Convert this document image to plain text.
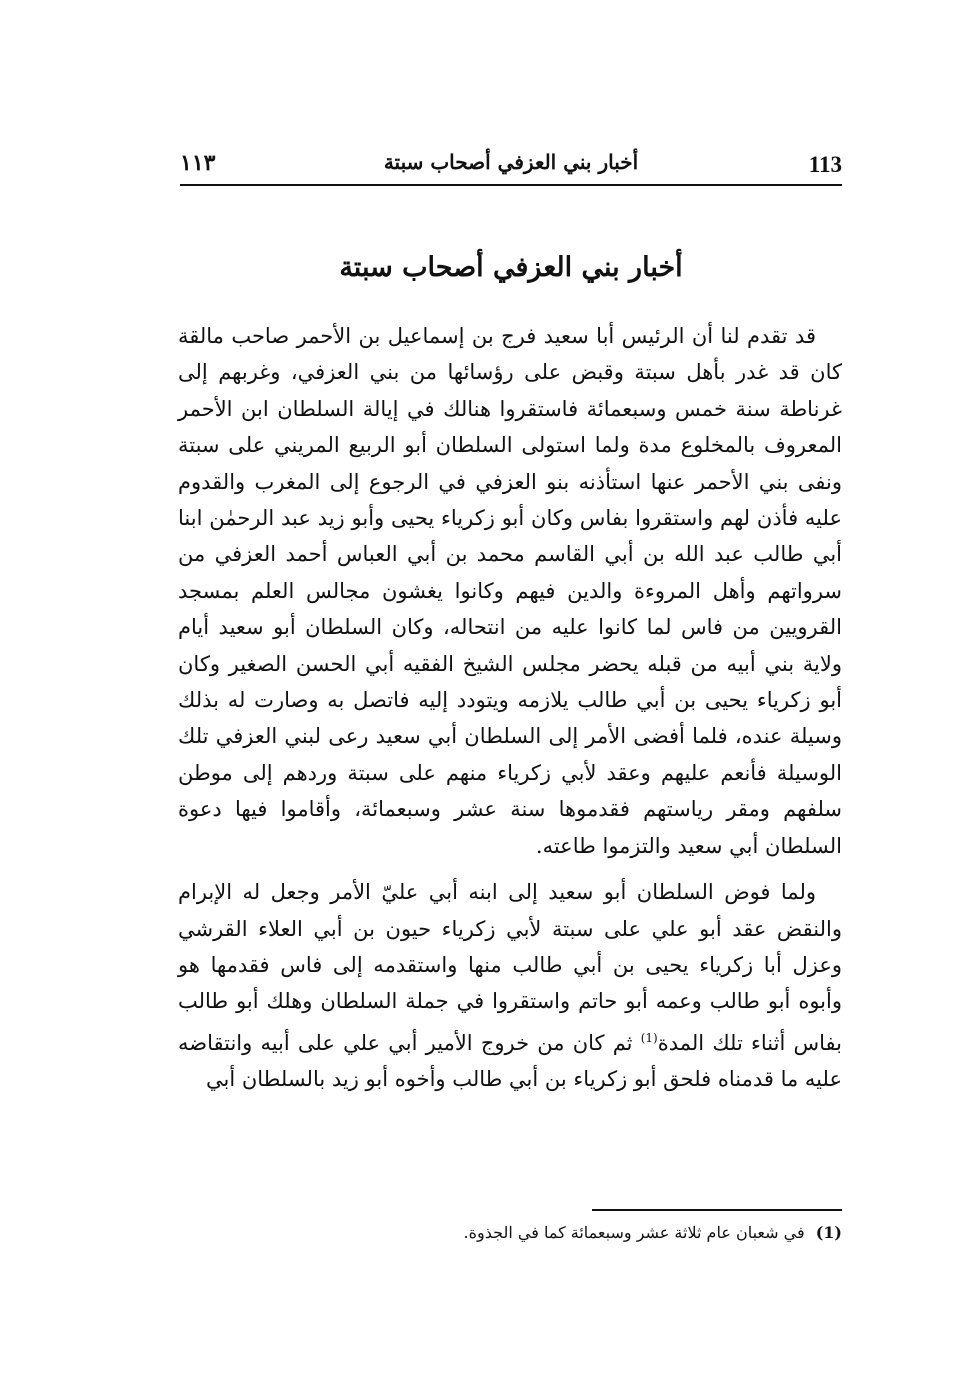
113
أخبار بني العزفي أصحاب سبتة
١١٣
أخبار بني العزفي أصحاب سبتة

قد تقدم لنا أن الرئيس أبا سعيد فرج بن إسماعيل بن الأحمر صاحب مالقة كان قد غدر بأهل سبتة وقبض على رؤسائها من بني العزفي، وغربهم إلى غرناطة سنة خمس وسبعمائة فاستقروا هنالك في إيالة السلطان ابن الأحمر المعروف بالمخلوع مدة ولما استولى السلطان أبو الربيع المريني على سبتة ونفى بني الأحمر عنها استأذنه بنو العزفي في الرجوع إلى المغرب والقدوم عليه فأذن لهم واستقروا بفاس وكان أبو زكرياء يحيى وأبو زيد عبد الرحمٰن ابنا أبي طالب عبد الله بن أبي القاسم محمد بن أبي العباس أحمد العزفي من سرواتهم وأهل المروءة والدين فيهم وكانوا يغشون مجالس العلم بمسجد القرويين من فاس لما كانوا عليه من انتحاله، وكان السلطان أبو سعيد أيام ولاية بني أبيه من قبله يحضر مجلس الشيخ الفقيه أبي الحسن الصغير وكان أبو زكرياء يحيى بن أبي طالب يلازمه ويتودد إليه فاتصل به وصارت له بذلك وسيلة عنده، فلما أفضى الأمر إلى السلطان أبي سعيد رعى لبني العزفي تلك الوسيلة فأنعم عليهم وعقد لأبي زكرياء منهم على سبتة وردهم إلى موطن سلفهم ومقر رياستهم فقدموها سنة عشر وسبعمائة، وأقاموا فيها دعوة السلطان أبي سعيد والتزموا طاعته.

ولما فوض السلطان أبو سعيد إلى ابنه أبي عليّ الأمر وجعل له الإبرام والنقض عقد أبو علي على سبتة لأبي زكرياء حيون بن أبي العلاء القرشي وعزل أبا زكرياء يحيى بن أبي طالب منها واستقدمه إلى فاس فقدمها هو وأبوه أبو طالب وعمه أبو حاتم واستقروا في جملة السلطان وهلك أبو طالب بفاس أثناء تلك المدة$^{(1)}$ ثم كان من خروج الأمير أبي علي على أبيه وانتقاضه عليه ما قدمناه فلحق أبو زكرياء بن أبي طالب وأخوه أبو زيد بالسلطان أبي

(1) في شعبان عام ثلاثة عشر وسبعمائة كما في الجذوة.
